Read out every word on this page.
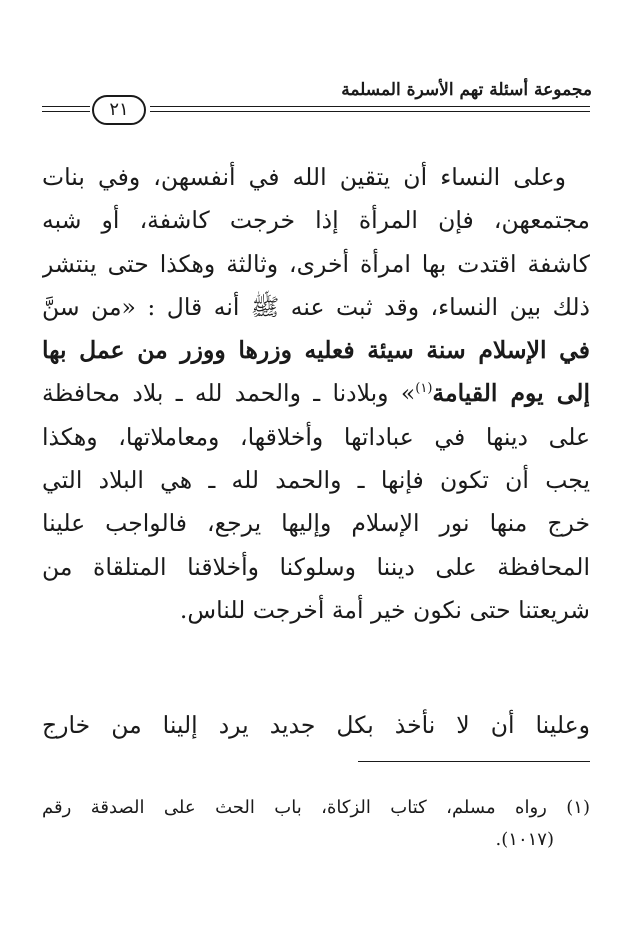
مجموعة أسئلة تهم الأسرة المسلمة
٢١
وعلى النساء أن يتقين الله في أنفسهن، وفي بنات
مجتمعهن، فإن المرأة إذا خرجت كاشفة، أو شبه
كاشفة اقتدت بها امرأة أخرى، وثالثة وهكذا حتى ينتشر
ذلك بين النساء، وقد ثبت عنه ﷺ أنه قال : «من سنَّ
في الإسلام سنة سيئة فعليه وزرها ووزر من عمل بها
إلى يوم القيامة$^{(١)}$» وبلادنا ـ والحمد لله ـ بلاد محافظة
على دينها في عباداتها وأخلاقها، ومعاملاتها، وهكذا
يجب أن تكون فإنها ـ والحمد لله ـ هي البلاد التي
خرج منها نور الإسلام وإليها يرجع، فالواجب علينا
المحافظة على ديننا وسلوكنا وأخلاقنا المتلقاة من
شريعتنا حتى نكون خير أمة أخرجت للناس.
وعلينا أن لا نأخذ بكل جديد يرد إلينا من خارج
(١) رواه مسلم، كتاب الزكاة، باب الحث على الصدقة رقم
(١٠١٧).
